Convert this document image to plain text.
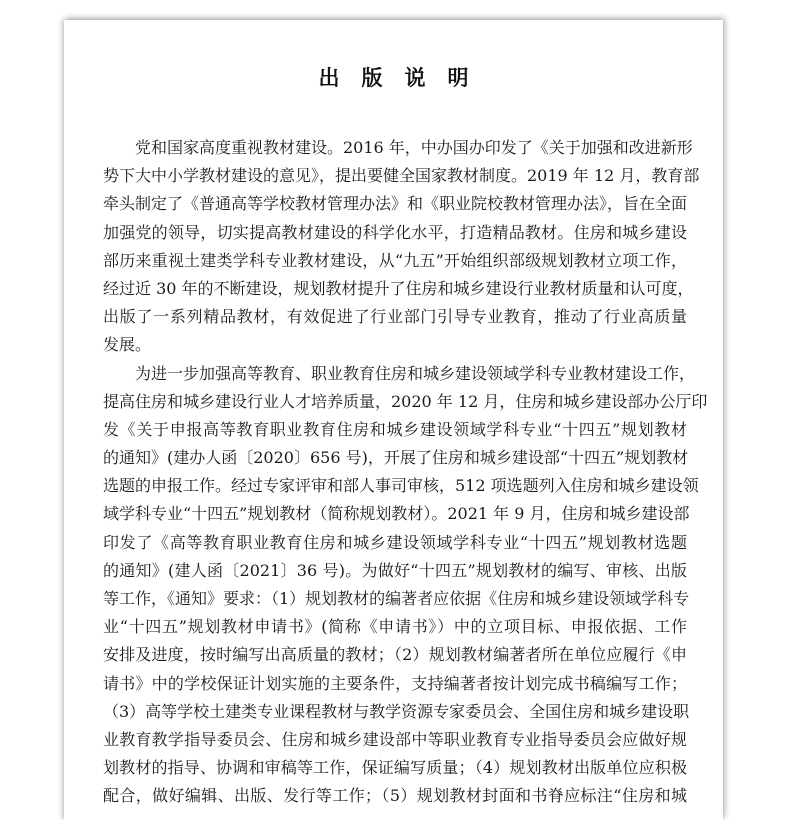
出版说明
党和国家高度重视教材建设。2016 年，中办国办印发了《关于加强和改进新形
势下大中小学教材建设的意见》，提出要健全国家教材制度。2019 年 12 月，教育部
牵头制定了《普通高等学校教材管理办法》和《职业院校教材管理办法》，旨在全面
加强党的领导，切实提高教材建设的科学化水平，打造精品教材。住房和城乡建设
部历来重视土建类学科专业教材建设，从“九五”开始组织部级规划教材立项工作，
经过近 30 年的不断建设，规划教材提升了住房和城乡建设行业教材质量和认可度，
出版了一系列精品教材，有效促进了行业部门引导专业教育，推动了行业高质量
发展。
为进一步加强高等教育、职业教育住房和城乡建设领域学科专业教材建设工作，
提高住房和城乡建设行业人才培养质量，2020 年 12 月，住房和城乡建设部办公厅印
发《关于申报高等教育职业教育住房和城乡建设领域学科专业“十四五”规划教材
的通知》(建办人函〔2020〕656 号)，开展了住房和城乡建设部“十四五”规划教材
选题的申报工作。经过专家评审和部人事司审核，512 项选题列入住房和城乡建设领
域学科专业“十四五”规划教材（简称规划教材）。2021 年 9 月，住房和城乡建设部
印发了《高等教育职业教育住房和城乡建设领域学科专业“十四五”规划教材选题
的通知》(建人函〔2021〕36 号)。为做好“十四五”规划教材的编写、审核、出版
等工作，《通知》要求：（1）规划教材的编著者应依据《住房和城乡建设领域学科专
业“十四五”规划教材申请书》(简称《申请书》）中的立项目标、申报依据、工作
安排及进度，按时编写出高质量的教材；（2）规划教材编著者所在单位应履行《申
请书》中的学校保证计划实施的主要条件，支持编著者按计划完成书稿编写工作；
（3）高等学校土建类专业课程教材与教学资源专家委员会、全国住房和城乡建设职
业教育教学指导委员会、住房和城乡建设部中等职业教育专业指导委员会应做好规
划教材的指导、协调和审稿等工作，保证编写质量；（4）规划教材出版单位应积极
配合，做好编辑、出版、发行等工作；（5）规划教材封面和书脊应标注“住房和城
